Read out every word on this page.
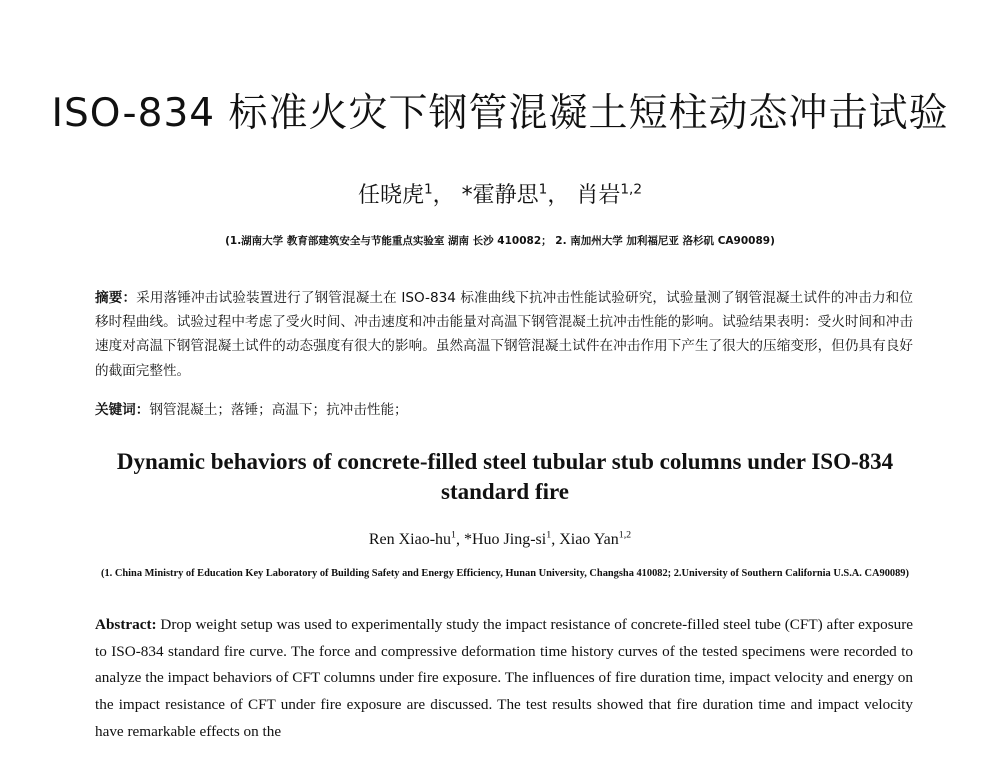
ISO-834 标准火灾下钢管混凝土短柱动态冲击试验
任晓虎$^1$， *霍静思$^1$， 肖岩$^{1,2}$
(1.湖南大学 教育部建筑安全与节能重点实验室 湖南 长沙 410082； 2. 南加州大学 加利福尼亚 洛杉矶 CA90089)
摘要：采用落锤冲击试验装置进行了钢管混凝土在 ISO-834 标准曲线下抗冲击性能试验研究，试验量测了钢管混凝土试件的冲击力和位移时程曲线。试验过程中考虑了受火时间、冲击速度和冲击能量对高温下钢管混凝土抗冲击性能的影响。试验结果表明：受火时间和冲击速度对高温下钢管混凝土试件的动态强度有很大的影响。虽然高温下钢管混凝土试件在冲击作用下产生了很大的压缩变形，但仍具有良好的截面完整性。
关键词：钢管混凝土；落锤；高温下；抗冲击性能；
Dynamic behaviors of concrete-filled steel tubular stub columns under ISO-834 standard fire
Ren Xiao-$hu^1$, *Huo Jing-$si^1$, Xiao Yan$^{1,2}$
(1. China Ministry of Education Key Laboratory of Building Safety and Energy Efficiency, Hunan University, Changsha 410082; 2.University of Southern California U.S.A. CA90089)
Abstract: Drop weight setup was used to experimentally study the impact resistance of concrete-filled steel tube (CFT) after exposure to ISO-834 standard fire curve. The force and compressive deformation time history curves of the tested specimens were recorded to analyze the impact behaviors of CFT columns under fire exposure. The influences of fire duration time, impact velocity and energy on the impact resistance of CFT under fire exposure are discussed. The test results showed that fire duration time and impact velocity have remarkable effects on the
